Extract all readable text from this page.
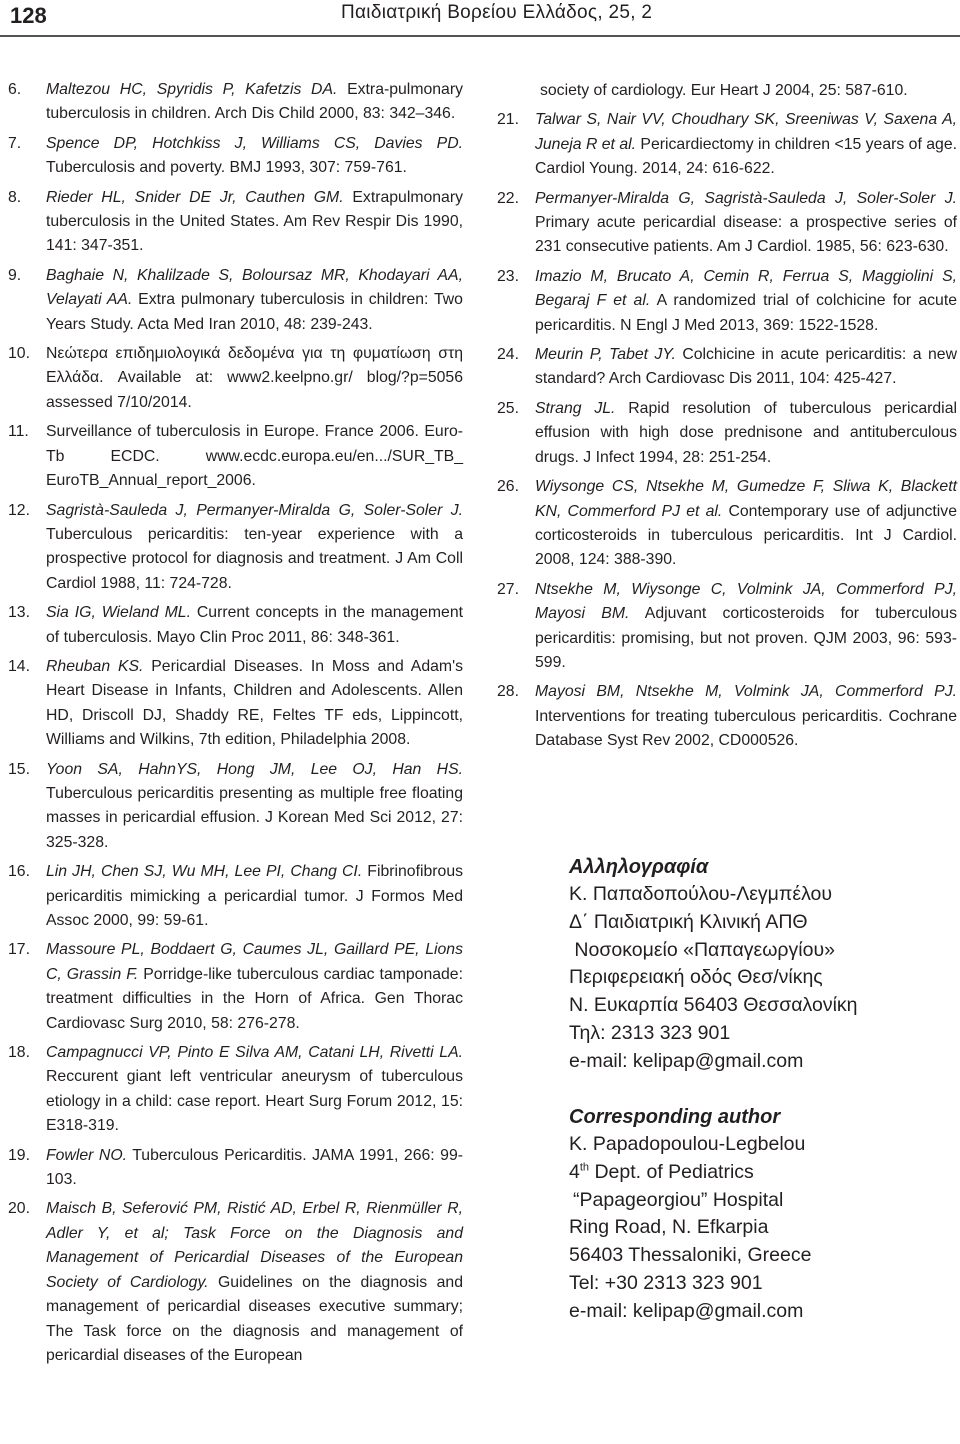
128	Παιδιατρική Βορείου Ελλάδος, 25, 2
6.	Maltezou HC, Spyridis P, Kafetzis DA. Extra-pulmonary tuberculosis in children. Arch Dis Child 2000, 83: 342‒346.
7.	Spence DP, Hotchkiss J, Williams CS, Davies PD. Tuberculosis and poverty. BMJ 1993, 307: 759-761.
8.	Rieder HL, Snider DE Jr, Cauthen GM. Extrapulmonary tuberculosis in the United States. Am Rev Respir Dis 1990, 141: 347-351.
9.	Baghaie N, Khalilzade S, Boloursaz MR, Khodayari AA, Velayati AA. Extra pulmonary tuberculosis in children: Two Years Study. Acta Med Iran 2010, 48: 239-243.
10.	Νεώτερα επιδημιολογικά δεδομένα για τη φυματίωση στη Ελλάδα. Available at: www2.keelpno.gr/ blog/?p=5056 assessed 7/10/2014.
11.	Surveillance of tuberculosis in Europe. France 2006. Euro-Tb ECDC. www.ecdc.europa.eu/en.../SUR_TB_ EuroTB_Annual_report_2006.
12.	Sagristà-Sauleda J, Permanyer-Miralda G, Soler-Soler J. Tuberculous pericarditis: ten-year experience with a prospective protocol for diagnosis and treatment. J Am Coll Cardiol 1988, 11: 724-728.
13.	Sia IG, Wieland ML. Current concepts in the management of tuberculosis. Mayo Clin Proc 2011, 86: 348-361.
14.	Rheuban KS. Pericardial Diseases. In Moss and Adam's Heart Disease in Infants, Children and Adolescents. Allen HD, Driscoll DJ, Shaddy RE, Feltes TF eds, Lippincott, Williams and Wilkins, 7th edition, Philadelphia 2008.
15.	Yoon SA, HahnYS, Hong JM, Lee OJ, Han HS. Tuberculous pericarditis presenting as multiple free floating masses in pericardial effusion. J Korean Med Sci 2012, 27: 325-328.
16.	Lin JH, Chen SJ, Wu MH, Lee PI, Chang CI. Fibrinofibrous pericarditis mimicking a pericardial tumor. J Formos Med Assoc 2000, 99: 59-61.
17.	Massoure PL, Boddaert G, Caumes JL, Gaillard PE, Lions C, Grassin F. Porridge-like tuberculous cardiac tamponade: treatment difficulties in the Horn of Africa. Gen Thorac Cardiovasc Surg 2010, 58: 276-278.
18.	Campagnucci VP, Pinto E Silva AM, Catani LH, Rivetti LA. Reccurent giant left ventricular aneurysm of tuberculous etiology in a child: case report. Heart Surg Forum 2012, 15: E318-319.
19.	Fowler NO. Tuberculous Pericarditis. JAMA 1991, 266: 99-103.
20.	Maisch B, Seferović PM, Ristić AD, Erbel R, Rienmüller R, Adler Y, et al; Task Force on the Diagnosis and Management of Pericardial Diseases of the European Society of Cardiology. Guidelines on the diagnosis and management of pericardial diseases executive summary; The Task force on the diagnosis and management of pericardial diseases of the European
society of cardiology. Eur Heart J 2004, 25: 587-610.
21.	Talwar S, Nair VV, Choudhary SK, Sreeniwas V, Saxena A, Juneja R et al. Pericardiectomy in children <15 years of age. Cardiol Young. 2014, 24: 616-622.
22.	Permanyer-Miralda G, Sagristà-Sauleda J, Soler-Soler J. Primary acute pericardial disease: a prospective series of 231 consecutive patients. Am J Cardiol. 1985, 56: 623-630.
23.	Imazio M, Brucato A, Cemin R, Ferrua S, Maggiolini S, Begaraj F et al. A randomized trial of colchicine for acute pericarditis. N Engl J Med 2013, 369: 1522-1528.
24.	Meurin P, Tabet JY. Colchicine in acute pericarditis: a new standard? Arch Cardiovasc Dis 2011, 104: 425-427.
25.	Strang JL. Rapid resolution of tuberculous pericardial effusion with high dose prednisone and antituberculous drugs. J Infect 1994, 28: 251-254.
26.	Wiysonge CS, Ntsekhe M, Gumedze F, Sliwa K, Blackett KN, Commerford PJ et al. Contemporary use of adjunctive corticosteroids in tuberculous pericarditis. Int J Cardiol. 2008, 124: 388-390.
27.	Ntsekhe M, Wiysonge C, Volmink JA, Commerford PJ, Mayosi BM. Adjuvant corticosteroids for tuberculous pericarditis: promising, but not proven. QJM 2003, 96: 593-599.
28.	Mayosi BM, Ntsekhe M, Volmink JA, Commerford PJ. Interventions for treating tuberculous pericarditis. Cochrane Database Syst Rev 2002, CD000526.
Αλληλογραφία
Κ. Παπαδοπούλου-Λεγμπέλου
Δ΄ Παιδιατρική Κλινική ΑΠΘ
Νοσοκομείο «Παπαγεωργίου»
Περιφερειακή οδός Θεσ/νίκης
Ν. Ευκαρπία 56403 Θεσσαλονίκη
Τηλ: 2313 323 901
e-mail: kelipap@gmail.com
Corresponding author
K. Papadopoulou-Legbelou
4th Dept. of Pediatrics
“Papageorgiou” Hospital
Ring Road, N. Efkarpia
56403 Thessaloniki, Greece
Tel: +30 2313 323 901
e-mail: kelipap@gmail.com
